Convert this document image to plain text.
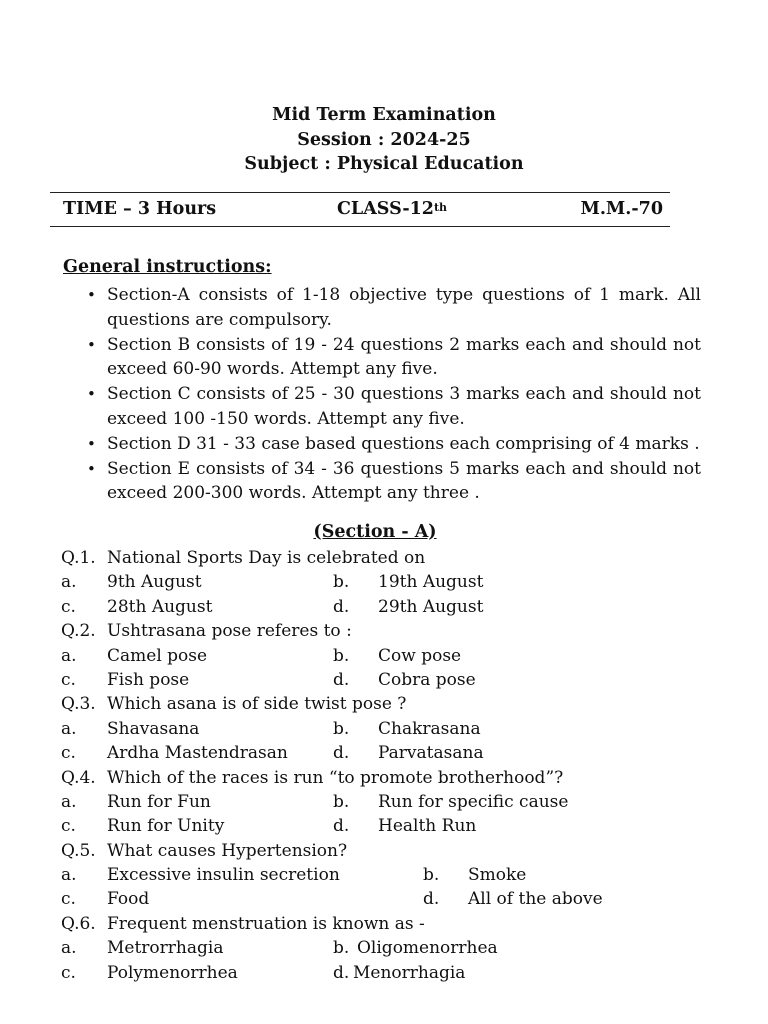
Mid Term Examination
Session : 2024-25
Subject : Physical Education
TIME – 3 Hours	CLASS-12th	M.M.-70
General instructions:
• Section-A consists of 1-18 objective type questions of 1 mark. All questions are compulsory.
• Section B consists of 19 - 24 questions 2 marks each and should not exceed 60-90 words. Attempt any five.
• Section C consists of 25 - 30 questions 3 marks each and should not exceed 100 -150 words. Attempt any five.
• Section D 31 - 33 case based questions each comprising of 4 marks .
• Section E consists of 34 - 36 questions 5 marks each and should not exceed 200-300 words. Attempt any three .
(Section - A)
Q.1. National Sports Day is celebrated on
a. 9th August	b. 19th August
c. 28th August	d. 29th August
Q.2. Ushtrasana pose referes to :
a. Camel pose	b. Cow pose
c. Fish pose	d. Cobra pose
Q.3. Which asana is of side twist pose ?
a. Shavasana	b. Chakrasana
c. Ardha Mastendrasan	d. Parvatasana
Q.4. Which of the races is run “to promote brotherhood”?
a. Run for Fun	b. Run for specific cause
c. Run for Unity	d. Health Run
Q.5. What causes Hypertension?
a. Excessive insulin secretion	b. Smoke
c. Food	d. All of the above
Q.6. Frequent menstruation is known as -
a. Metrorrhagia	b. Oligomenorrhea
c. Polymenorrhea	d. Menorrhagia
